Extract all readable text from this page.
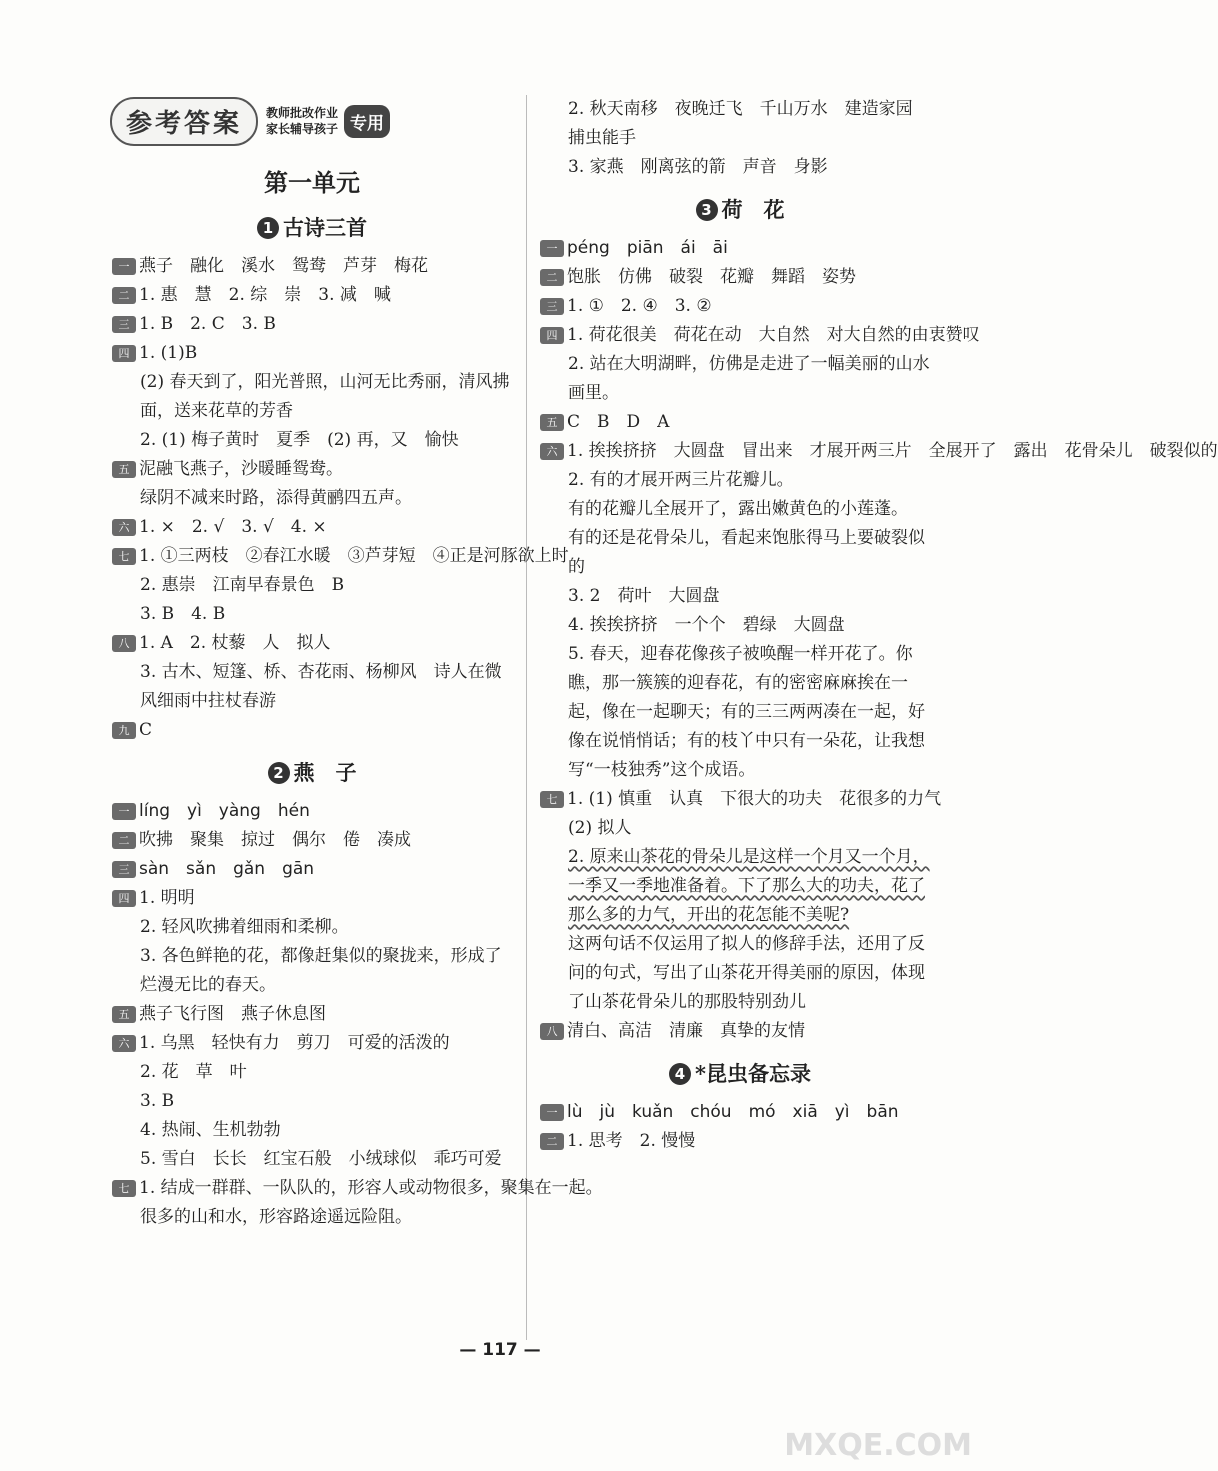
参考答案	教师批改作业
家长辅导孩子 专用
第一单元
1 古诗三首
一 燕子　融化　溪水　鸳鸯　芦芽　梅花
二 1. 惠　慧　2. 综　崇　3. 减　喊
三 1. B　2. C　3. B
四 1. (1)B
(2) 春天到了，阳光普照，山河无比秀丽，清风拂面，送来花草的芳香
2. (1) 梅子黄时　夏季　(2) 再，又　愉快
五 泥融飞燕子，沙暖睡鸳鸯。
绿阴不减来时路，添得黄鹂四五声。
六 1. ×　2. √　3. √　4. ×
七 1. ①三两枝　②春江水暖　③芦芽短　④正是河豚欲上时
2. 惠崇　江南早春景色　B
3. B　4. B
八 1. A　2. 杖藜　人　拟人
3. 古木、短篷、桥、杏花雨、杨柳风　诗人在微风细雨中拄杖春游
九 C
2 燕　子
一 líng　yì　yàng　hén
二 吹拂　聚集　掠过　偶尔　倦　凑成
三 sàn　sǎn　gǎn　gān
四 1. 明明
2. 轻风吹拂着细雨和柔柳。
3. 各色鲜艳的花，都像赶集似的聚拢来，形成了烂漫无比的春天。
五 燕子飞行图　燕子休息图
六 1. 乌黑　轻快有力　剪刀　可爱的活泼的
2. 花　草　叶
3. B
4. 热闹、生机勃勃
5. 雪白　长长　红宝石般　小绒球似　乖巧可爱
七 1. 结成一群群、一队队的，形容人或动物很多，聚集在一起。
很多的山和水，形容路途遥远险阻。
2. 秋天南移　夜晚迁飞　千山万水　建造家园　捕虫能手
3. 家燕　刚离弦的箭　声音　身影
3 荷　花
一 péng　piān　ái　āi
二 饱胀　仿佛　破裂　花瓣　舞蹈　姿势
三 1. ①　2. ④　3. ②
四 1. 荷花很美　荷花在动　大自然　对大自然的由衷赞叹
2. 站在大明湖畔，仿佛是走进了一幅美丽的山水画里。
五 C　B　D　A
六 1. 挨挨挤挤　大圆盘　冒出来　才展开两三片　全展开了　露出　花骨朵儿　破裂似的
2. 有的才展开两三片花瓣儿。
有的花瓣儿全展开了，露出嫩黄色的小莲蓬。
有的还是花骨朵儿，看起来饱胀得马上要破裂似的
3. 2　荷叶　大圆盘
4. 挨挨挤挤　一个个　碧绿　大圆盘
5. 春天，迎春花像孩子被唤醒一样开花了。你瞧，那一簇簇的迎春花，有的密密麻麻挨在一起，像在一起聊天；有的三三两两凑在一起，好像在说悄悄话；有的枝丫中只有一朵花，让我想写“一枝独秀”这个成语。
七 1. (1) 慎重　认真　下很大的功夫　花很多的力气
(2) 拟人
2. 原来山茶花的骨朵儿是这样一个月又一个月，一季又一季地准备着。下了那么大的功夫，花了那么多的力气，开出的花怎能不美呢?
这两句话不仅运用了拟人的修辞手法，还用了反问的句式，写出了山茶花开得美丽的原因，体现了山茶花骨朵儿的那股特别劲儿
八 清白、高洁　清廉　真挚的友情
4 *昆虫备忘录
一 lù　jù　kuǎn　chóu　mó　xiā　yì　bān
二 1. 思考　2. 慢慢
— 117 —
MXQE.COM
